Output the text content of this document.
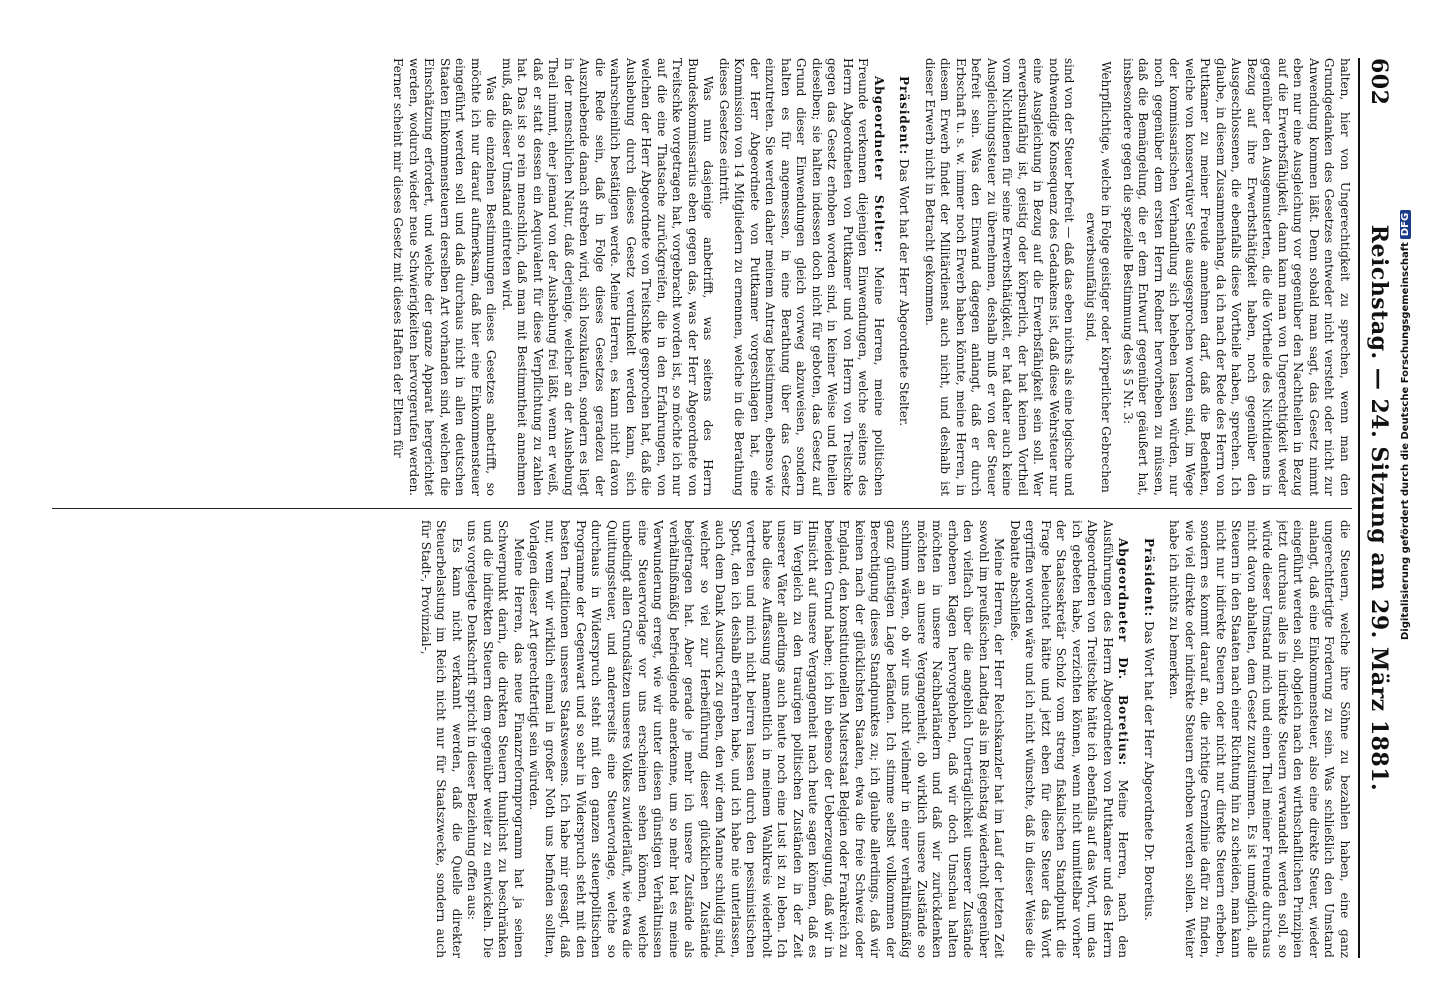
602
Reichstag. — 24. Sitzung am 29. März 1881.

halten, hier von Ungerechtigkeit zu sprechen, wenn man den Grundgedanken des Gesetzes entweder nicht versteht oder nicht zur Anwendung kommen läßt. Denn sobald man sagt, das Gesetz nimmt eben nur eine Ausgleichung vor gegenüber den Nachtheilen in Bezug auf die Erwerbsfähigkeit, dann kann man von Ungerechtigkeit weder gegenüber den Ausgemusterten, die die Vortheile des Nichtdienens in Bezug auf ihre Erwerbsthätigkeit haben, noch gegenüber den Ausgeschlossenen, die ebenfalls diese Vortheile haben, sprechen. Ich glaube, in diesem Zusammenhang, da ich nach der Rede des Herrn von Puttkamer zu meiner Freude annehmen darf, daß die Bedenken, welche von konservativer Seite ausgesprochen worden sind, im Wege der kommissarischen Verhandlung sich beheben lassen würden, nur noch gegenüber dem ersten Herrn Redner hervorheben zu müssen, daß die Bemängelung, die er dem Entwurf gegenüber geäußert hat, insbesondere gegen die spezielle Bestimmung des § 5 Nr. 3:

Wehrpflichtige, welche in Folge geistiger oder körperlicher Gebrechen erwerbsunfähig sind,

sind von der Steuer befreit — daß das eben nichts als eine logische und nothwendige Konsequenz des Gedankens ist, daß diese Wehrsteuer nur eine Ausgleichung in Bezug auf die Erwerbsfähigkeit sein soll. Wer erwerbsunfähig ist, geistig oder körperlich, der hat keinen Vortheil vom Nichtdienen für seine Erwerbsthätigkeit, er hat daher auch keine Ausgleichungssteuer zu übernehmen, deshalb muß er von der Steuer befreit sein. Was den Einwand dagegen anlangt, daß er durch Erbschaft u. s. w. immer noch Erwerb haben könnte, meine Herren, in diesem Erwerb findet der Militärdienst auch nicht, und deshalb ist dieser Erwerb nicht in Betracht gekommen.

Präsident: Das Wort hat der Herr Abgeordnete Stelter.

Abgeordneter Stelter: Meine Herren, meine politischen Freunde verkennen diejenigen Einwendungen, welche seitens des Herrn Abgeordneten von Puttkamer und von Herrn von Treitschke gegen das Gesetz erhoben worden sind, in keiner Weise und theilen dieselben; sie halten indessen doch nicht für geboten, das Gesetz auf Grund dieser Einwendungen gleich vorweg abzuweisen, sondern halten es für angemessen, in eine Berathung über das Gesetz einzutreten. Sie werden daher meinem Antrag beistimmen, ebenso wie der Herr Abgeordnete von Puttkamer vorgeschlagen hat, eine Kommission von 14 Mitgliedern zu ernennen, welche in die Berathung dieses Gesetzes eintritt.

Was nun dasjenige anbetrifft, was seitens des Herrn Bundeskommissarius eben gegen das, was der Herr Abgeordnete von Treitschke vorgetragen hat, vorgebracht worden ist, so möchte ich nur auf die eine Thatsache zurückgreifen, die in den Erfahrungen, von welchen der Herr Abgeordnete von Treitschke gesprochen hat, daß die Aushebung durch dieses Gesetz verdunkelt werden kann, sich wahrscheinlich bestätigen werde. Meine Herren, es kann nicht davon die Rede sein, daß in Folge dieses Gesetzes geradezu der Auszuhebende danach streben wird, sich loszukaufen, sondern es liegt in der menschlichen Natur, daß derjenige, welcher an der Aushebung Theil nimmt, eher jemand von der Aushebung frei läßt, wenn er weiß, daß er statt dessen ein Aequivalent für diese Verpflichtung zu zahlen hat. Das ist so rein menschlich, daß man mit Bestimmtheit annehmen muß, daß dieser Umstand eintreten wird.

Was die einzelnen Bestimmungen dieses Gesetzes anbetrifft, so möchte ich nur darauf aufmerksam, daß hier eine Einkommensteuer eingeführt werden soll und daß durchaus nicht in allen deutschen Staaten Einkommensteuern derselben Art vorhanden sind, welchen die Einschätzung erfordert, und welche der ganze Apparat hergerichtet werden, wodurch wieder neue Schwierigkeiten hervorgerufen werden. Ferner scheint mir dieses Gesetz mit dieses Haften der Eltern für

die Steuern, welche ihre Söhne zu bezahlen haben, eine ganz ungerechtfertigte Forderung zu sein. Was schließlich den Umstand anlangt, daß eine Einkommensteuer, also eine direkte Steuer, wieder eingeführt werden soll, obgleich nach den wirthschaftlichen Prinzipien jetzt durchaus alles in indirekte Steuern verwandelt werden soll, so würde dieser Umstand mich und einen Theil meiner Freunde durchaus nicht davon abhalten, dem Gesetz zuzustimmen. Es ist unmöglich, alle Steuern in den Staaten nach einer Richtung hin zu scheiden, man kann nicht nur indirekte Steuern oder nicht nur direkte Steuern erheben, sondern es kommt darauf an, die richtige Grenzlinie dafür zu finden, wie viel direkte oder indirekte Steuern erhoben werden sollen. Weiter habe ich nichts zu bemerken.

Präsident: Das Wort hat der Herr Abgeordnete Dr. Boretius.

Abgeordneter Dr. Boretius: Meine Herren, nach den Ausführungen des Herrn Abgeordneten von Puttkamer und des Herrn Abgeordneten von Treitschke hätte ich ebenfalls auf das Wort, um das ich gebeten habe, verzichten können, wenn nicht unmittelbar vorher der Staatssekretär Scholz vom streng fiskalischen Standpunkt die Frage beleuchtet hätte und jetzt eben für diese Steuer das Wort ergriffen worden wäre und ich nicht wünschte, daß in dieser Weise die Debatte abschließe.

Meine Herren, der Herr Reichskanzler hat im Lauf der letzten Zeit sowohl im preußischen Landtag als im Reichstag wiederholt gegenüber den vielfach über die angeblich Unerträglichkeit unserer Zustände erhobenen Klagen hervorgehoben, daß wir doch Umschau halten möchten in unsere Nachbarländern und daß wir zurückdenken möchten an unsere Vergangenheit, ob wirklich unsere Zustände so schlimm wären, ob wir uns nicht vielmehr in einer verhältnißmäßig ganz günstigen Lage befänden. Ich stimme selbst vollkommen der Berechtigung dieses Standpunktes zu; ich glaube allerdings, daß wir keinen nach der glücklichsten Staaten, etwa die freie Schweiz oder England, den konstitutionellen Musterstaat Belgien oder Frankreich zu beneiden Grund haben; ich bin ebenso der Ueberzeugung, daß wir in Hinsicht auf unsere Vergangenheit nach heute sagen können, daß es im Vergleich zu den traurigen politischen Zuständen in der Zeit unserer Väter allerdings auch heute noch eine Lust ist zu leben. Ich habe diese Auffassung namentlich in meinem Wahlkreis wiederholt vertreten und mich nicht beirren lassen durch den pessimistischen Spott, den ich deshalb erfahren habe, und ich habe nie unterlassen, auch dem Dank Ausdruck zu geben, den wir dem Manne schuldig sind, welcher so viel zur Herbeiführung dieser glücklichen Zustände beigetragen hat. Aber gerade je mehr ich unsere Zustände als verhältnißmäßig befriedigende anerkenne, um so mehr hat es meine Verwunderung erregt, wie wir unter diesen günstigen Verhältnissen eine Steuervorlage vor uns erscheinen sehen können, welche unbedingt allen Grundsätzen unseres Volkes zuwiderläuft, wie etwa die Quittungssteuer, und andererseits eine Steuervorlage, welche so durchaus in Widerspruch steht mit den ganzen steuerpolitischen Programme der Gegenwart und so sehr in Widerspruch steht mit den besten Traditionen unseres Staatswesens. Ich habe mir gesagt, daß nur, wenn wir wirklich einmal in großer Noth uns befinden sollten, Vorlagen dieser Art gerechtfertigt sein würden.

Meine Herren, das neue Finanzreformprogramm hat ja seinen Schwerpunkt darin, die direkten Steuern thunlichst zu beschränken und die indirekten Steuern dem gegenüber weiter zu entwickeln. Die uns vorgelegte Denkschrift spricht in dieser Beziehung offen aus:

Es kann nicht verkannt werden, daß die Quelle direkter Steuerbelastung im Reich nicht nur für Staatszwecke, sondern auch für Stadt-, Provinzial-,	Digitalisierung gefördert durch die Deutsche ForschungsgemeinschaftDFG
